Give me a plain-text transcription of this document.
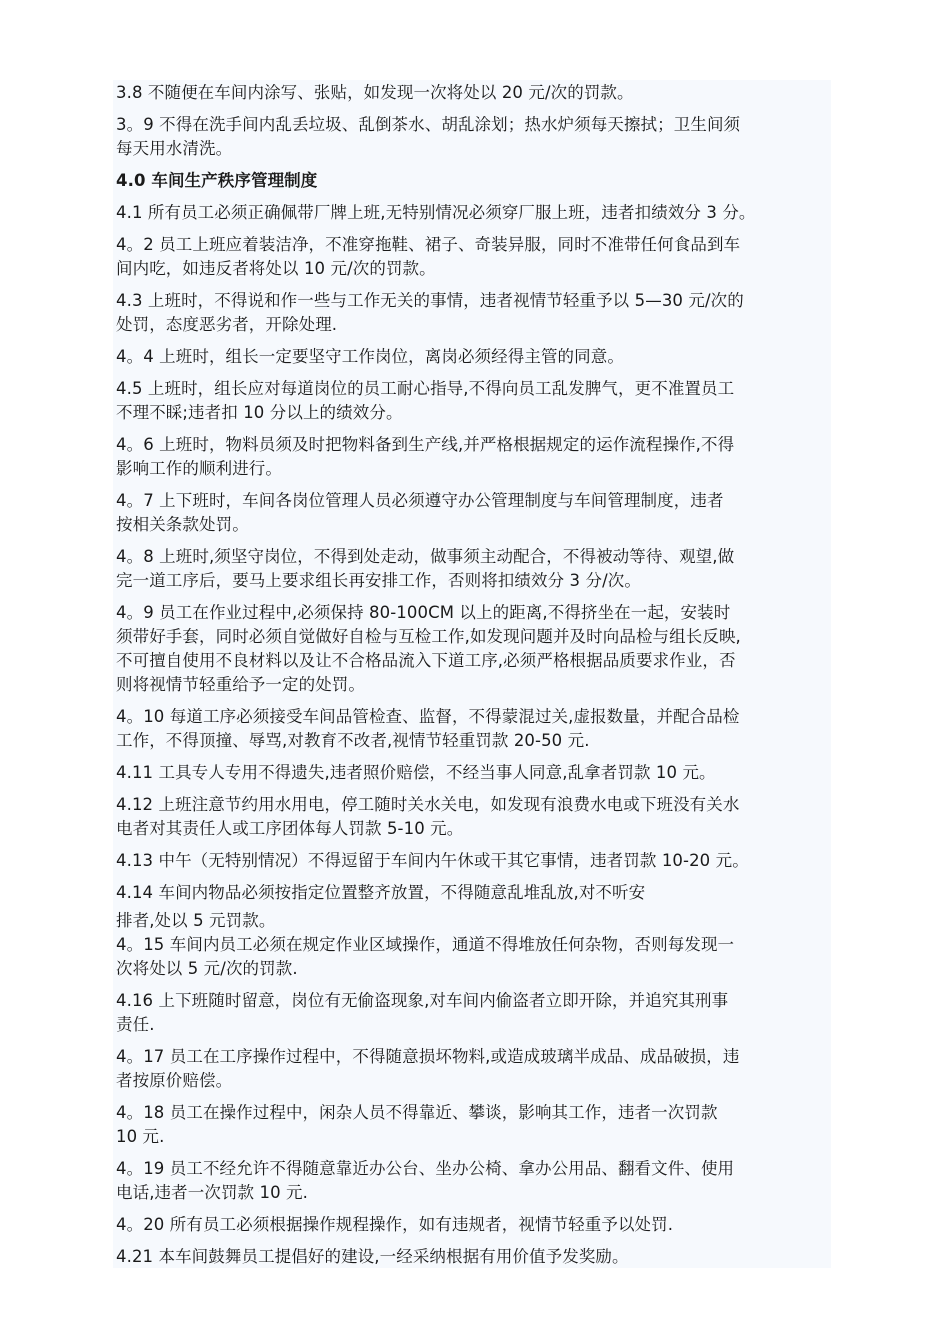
3.8 不随便在车间内涂写、张贴，如发现一次将处以 20 元/次的罚款。
3。9 不得在洗手间内乱丢垃圾、乱倒茶水、胡乱涂划；热水炉须每天擦拭；卫生间须
每天用水清洗。
4.0 车间生产秩序管理制度
4.1 所有员工必须正确佩带厂牌上班,无特别情况必须穿厂服上班，违者扣绩效分 3 分。
4。2 员工上班应着装洁净，不准穿拖鞋、裙子、奇装异服，同时不准带任何食品到车
间内吃，如违反者将处以 10 元/次的罚款。
4.3 上班时，不得说和作一些与工作无关的事情，违者视情节轻重予以 5—30 元/次的
处罚，态度恶劣者，开除处理.
4。4 上班时，组长一定要坚守工作岗位，离岗必须经得主管的同意。
4.5 上班时，组长应对每道岗位的员工耐心指导,不得向员工乱发脾气，更不准置员工
不理不睬;违者扣 10 分以上的绩效分。
4。6 上班时，物料员须及时把物料备到生产线,并严格根据规定的运作流程操作,不得
影响工作的顺利进行。
4。7 上下班时，车间各岗位管理人员必须遵守办公管理制度与车间管理制度，违者
按相关条款处罚。
4。8 上班时,须坚守岗位，不得到处走动，做事须主动配合，不得被动等待、观望,做
完一道工序后，要马上要求组长再安排工作，否则将扣绩效分 3 分/次。
4。9 员工在作业过程中,必须保持 80-100CM 以上的距离,不得挤坐在一起，安装时
须带好手套，同时必须自觉做好自检与互检工作,如发现问题并及时向品检与组长反映,
不可擅自使用不良材料以及让不合格品流入下道工序,必须严格根据品质要求作业，否
则将视情节轻重给予一定的处罚。
4。10 每道工序必须接受车间品管检查、监督，不得蒙混过关,虚报数量，并配合品检
工作，不得顶撞、辱骂,对教育不改者,视情节轻重罚款 20-50 元.
4.11 工具专人专用不得遗失,违者照价赔偿，不经当事人同意,乱拿者罚款 10 元。
4.12 上班注意节约用水用电，停工随时关水关电，如发现有浪费水电或下班没有关水
电者对其责任人或工序团体每人罚款 5-10 元。
4.13 中午（无特别情况）不得逗留于车间内午休或干其它事情，违者罚款 10-20 元。
4.14 车间内物品必须按指定位置整齐放置，不得随意乱堆乱放,对不听安
排者,处以 5 元罚款。
4。15 车间内员工必须在规定作业区域操作，通道不得堆放任何杂物，否则每发现一
次将处以 5 元/次的罚款.
4.16 上下班随时留意，岗位有无偷盗现象,对车间内偷盗者立即开除，并追究其刑事
责任.
4。17 员工在工序操作过程中，不得随意损坏物料,或造成玻璃半成品、成品破损，违
者按原价赔偿。
4。18 员工在操作过程中，闲杂人员不得靠近、攀谈，影响其工作，违者一次罚款
10 元.
4。19 员工不经允许不得随意靠近办公台、坐办公椅、拿办公用品、翻看文件、使用
电话,违者一次罚款 10 元.
4。20 所有员工必须根据操作规程操作，如有违规者，视情节轻重予以处罚.
4.21 本车间鼓舞员工提倡好的建设,一经采纳根据有用价值予发奖励。
